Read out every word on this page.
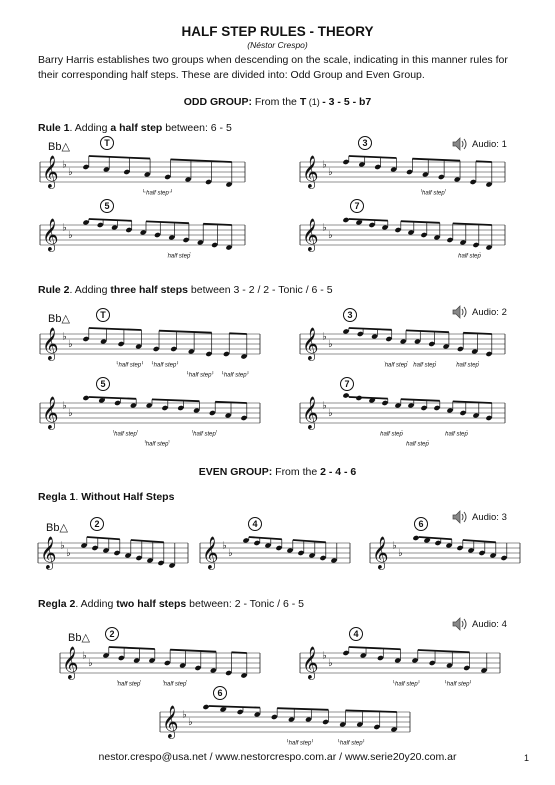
HALF STEP RULES - THEORY
(Néstor Crespo)
Barry Harris establishes two groups when descending on the scale, indicating in this manner rules for their corresponding half steps. These are divided into: Odd Group and Even Group.
ODD GROUP: From the T (1) - 3 - 5 - b7
Rule 1. Adding a half step between: 6 - 5
Audio: 1
Rule 2. Adding three half steps between 3 - 2 / 2 - Tonic / 6 - 5
Audio: 2
EVEN GROUP: From the 2 - 4 - 6
Regla 1. Without Half Steps
Audio: 3
Regla 2. Adding two half steps between: 2 - Tonic / 6 - 5
Audio: 4
𝄞 ♭
♭
half step
T
Bb△
𝄞 ♭
♭
half step
3
𝄞 ♭
♭
half step
5
𝄞 ♭
♭
half step
7
𝄞 ♭
♭
half step half step
half step half step
T
Bb△
𝄞 ♭
♭
half step half step	half step
3
𝄞 ♭
♭
half step
half step
half step
5
𝄞 ♭
♭
half step
half step
half step
7
𝄞 ♭
♭
2
Bb△
𝄞 ♭
♭
4
𝄞 ♭
♭
6
𝄞 ♭
♭
half step	half step
2
Bb△
𝄞 ♭
♭
half step	half step
4
𝄞 ♭
♭
half step	half step
6
nestor.crespo@usa.net / www.nestorcrespo.com.ar / www.serie20y20.com.ar	1
